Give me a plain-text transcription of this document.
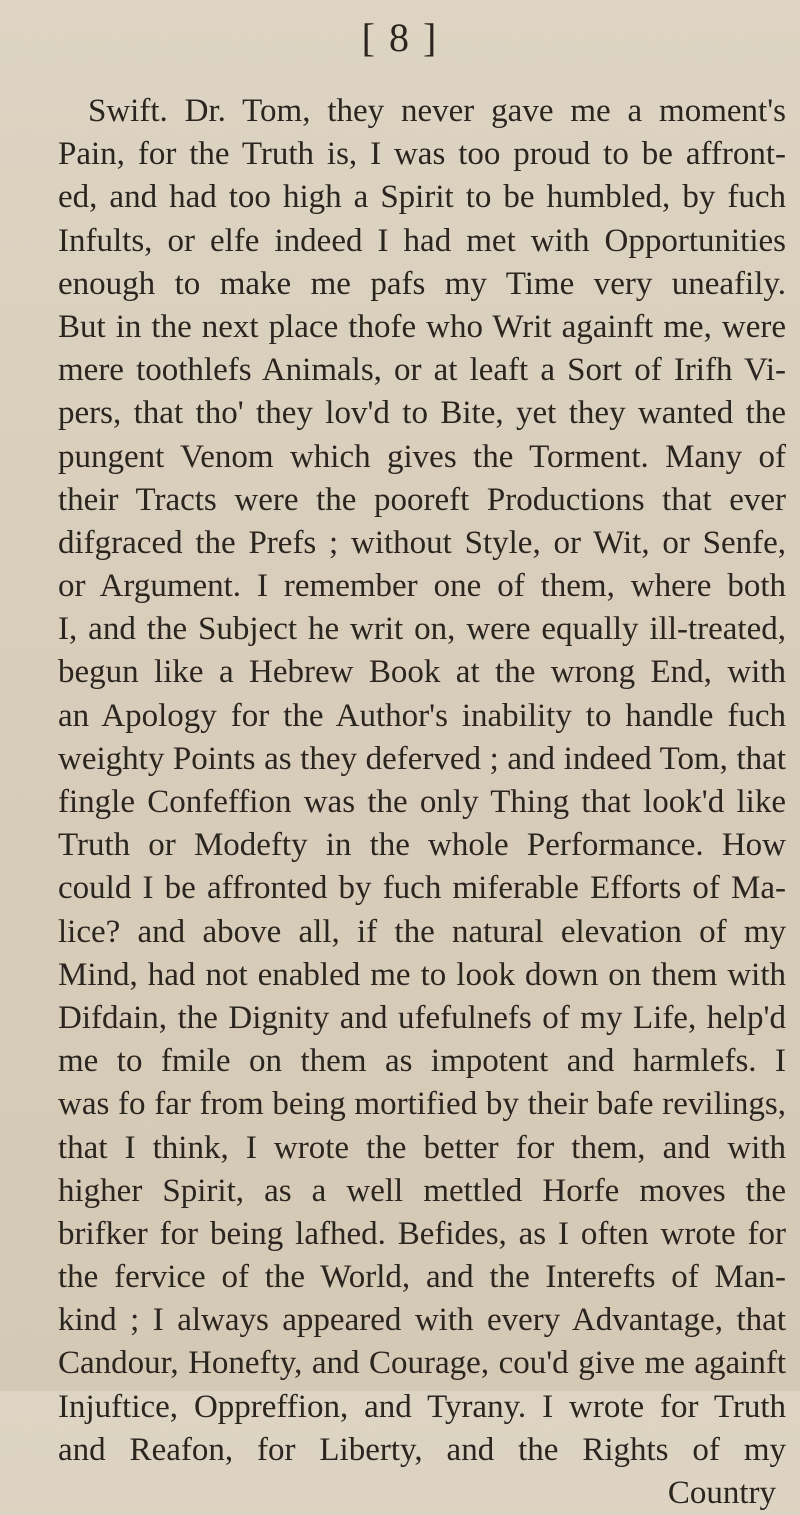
[ 8 ]
Swift. Dr. Tom, they never gave me a moment's
Pain, for the Truth is, I was too proud to be affront-
ed, and had too high a Spirit to be humbled, by fuch
Infults, or elfe indeed I had met with Opportunities
enough to make me pafs my Time very uneafily.
But in the next place thofe who Writ againft me, were
mere toothlefs Animals, or at leaft a Sort of Irifh Vi-
pers, that tho' they lov'd to Bite, yet they wanted the
pungent Venom which gives the Torment. Many of
their Tracts were the pooreft Productions that ever
difgraced the Prefs ; without Style, or Wit, or Senfe,
or Argument. I remember one of them, where both
I, and the Subject he writ on, were equally ill-treated,
begun like a Hebrew Book at the wrong End, with
an Apology for the Author's inability to handle fuch
weighty Points as they deferved ; and indeed Tom, that
fingle Confeffion was the only Thing that look'd like
Truth or Modefty in the whole Performance. How
could I be affronted by fuch miferable Efforts of Ma-
lice? and above all, if the natural elevation of my
Mind, had not enabled me to look down on them with
Difdain, the Dignity and ufefulnefs of my Life, help'd
me to fmile on them as impotent and harmlefs. I
was fo far from being mortified by their bafe revilings,
that I think, I wrote the better for them, and with
higher Spirit, as a well mettled Horfe moves the
brifker for being lafhed. Befides, as I often wrote for
the fervice of the World, and the Interefts of Man-
kind ; I always appeared with every Advantage, that
Candour, Honefty, and Courage, cou'd give me againft
Injuftice, Oppreffion, and Tyrany. I wrote for Truth
and Reafon, for Liberty, and the Rights of my
Country
